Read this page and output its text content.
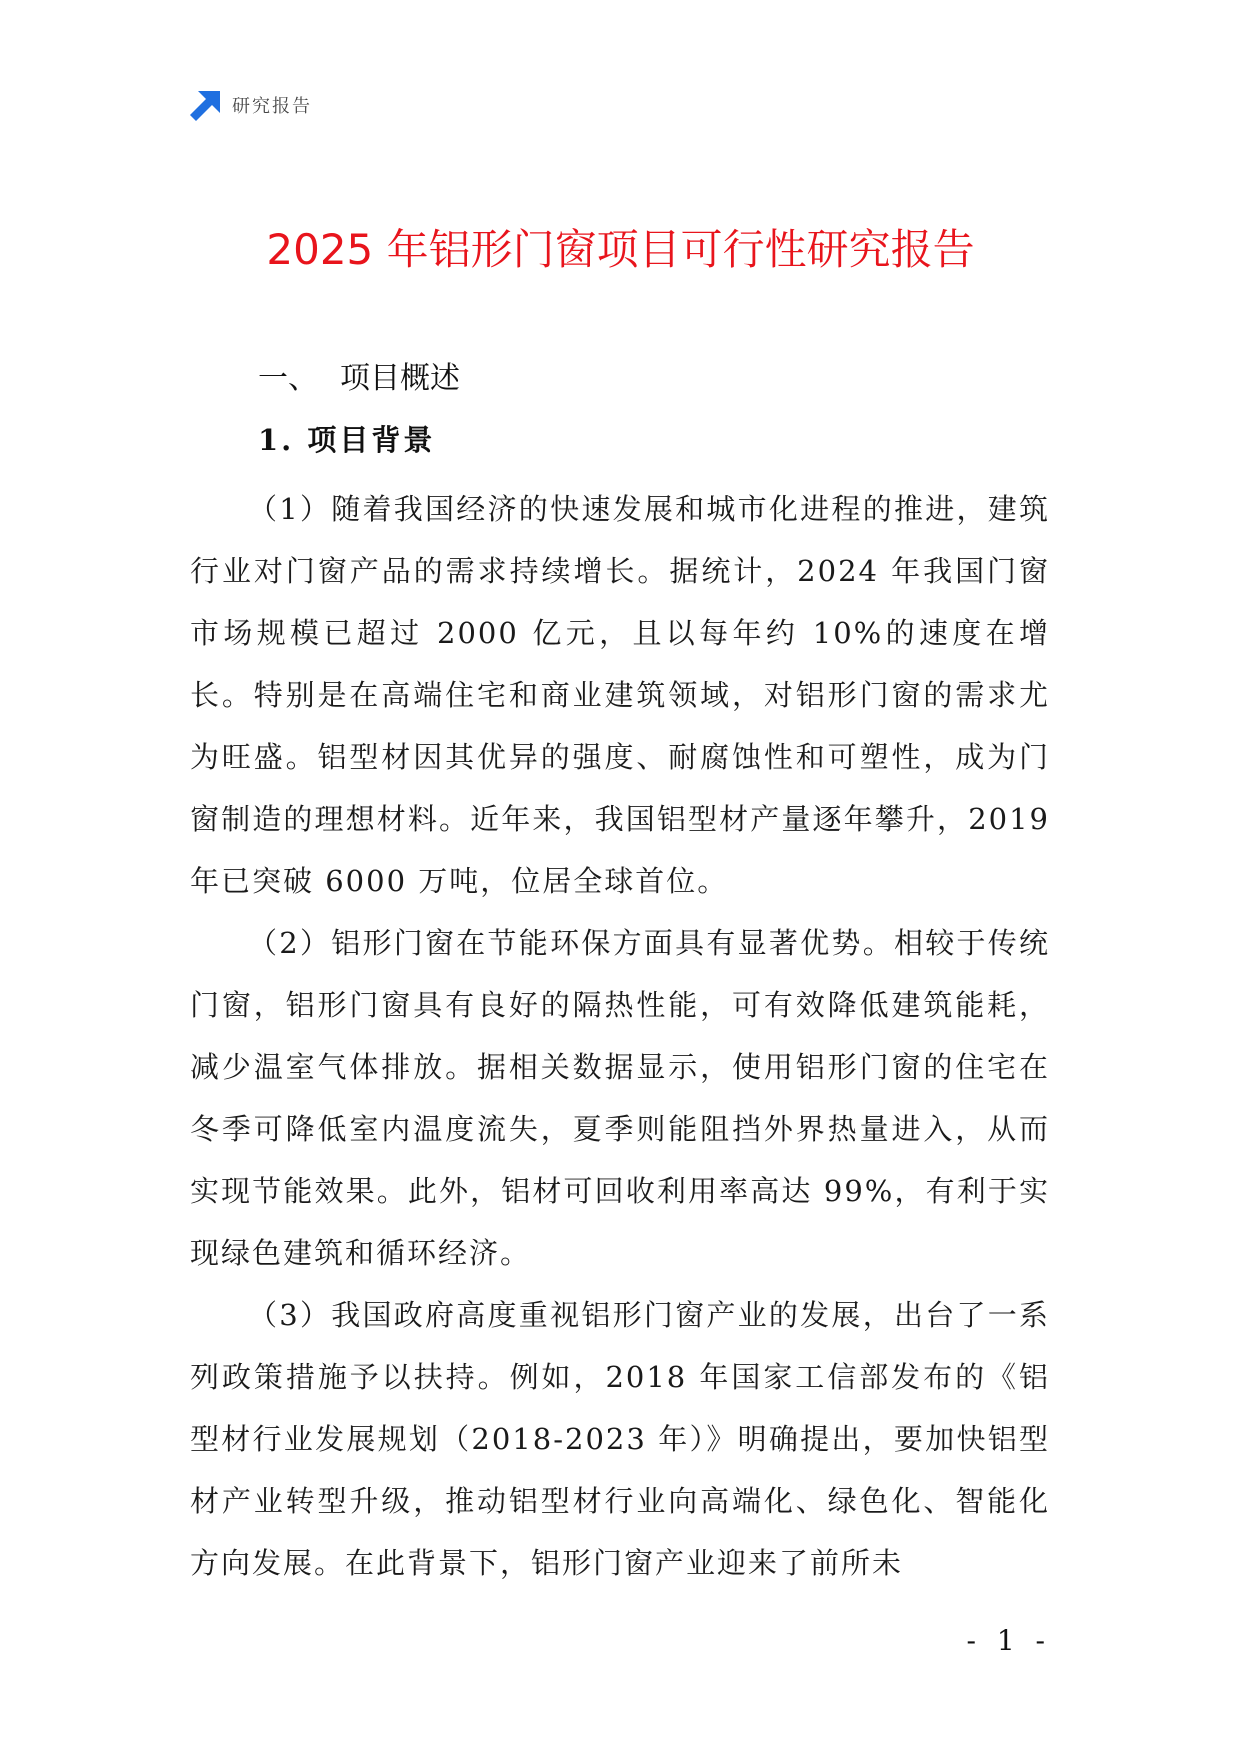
研究报告
2025 年铝形门窗项目可行性研究报告
一、 项目概述
1. 项目背景

（1）随着我国经济的快速发展和城市化进程的推进，建筑行业对门窗产品的需求持续增长。据统计，2024 年我国门窗市场规模已超过 2000 亿元，且以每年约 10%的速度在增长。特别是在高端住宅和商业建筑领域，对铝形门窗的需求尤为旺盛。铝型材因其优异的强度、耐腐蚀性和可塑性，成为门窗制造的理想材料。近年来，我国铝型材产量逐年攀升，2019 年已突破 6000 万吨，位居全球首位。

（2）铝形门窗在节能环保方面具有显著优势。相较于传统门窗，铝形门窗具有良好的隔热性能，可有效降低建筑能耗，减少温室气体排放。据相关数据显示，使用铝形门窗的住宅在冬季可降低室内温度流失，夏季则能阻挡外界热量进入，从而实现节能效果。此外，铝材可回收利用率高达 99%，有利于实现绿色建筑和循环经济。

（3）我国政府高度重视铝形门窗产业的发展，出台了一系列政策措施予以扶持。例如，2018 年国家工信部发布的《铝型材行业发展规划（2018-2023 年）》明确提出，要加快铝型材产业转型升级，推动铝型材行业向高端化、绿色化、智能化方向发展。在此背景下，铝形门窗产业迎来了前所未

- 1 -
